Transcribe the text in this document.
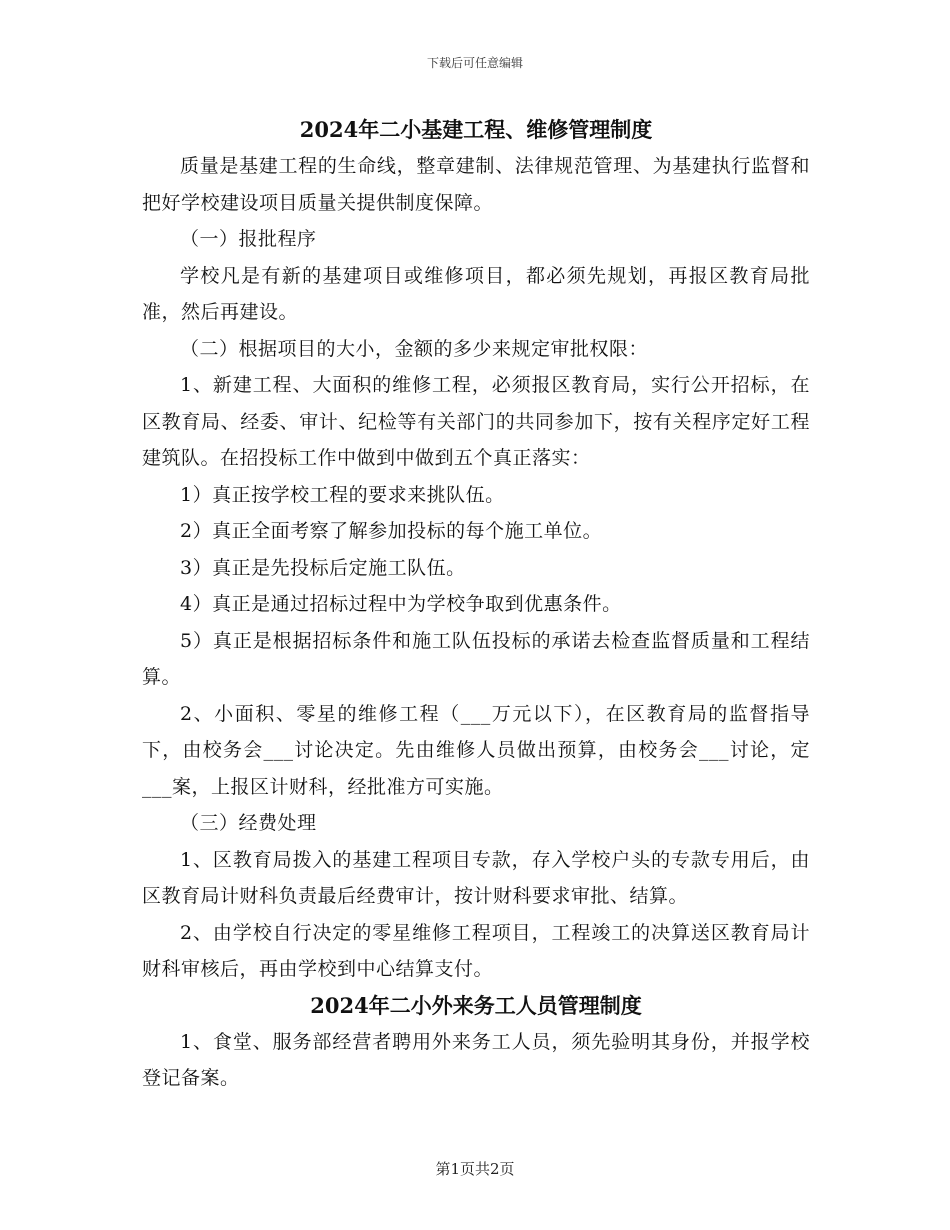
下载后可任意编辑
2024年二小基建工程、维修管理制度

质量是基建工程的生命线，整章建制、法律规范管理、为基建执行监督和把好学校建设项目质量关提供制度保障。

（一）报批程序

学校凡是有新的基建项目或维修项目，都必须先规划，再报区教育局批准，然后再建设。

（二）根据项目的大小，金额的多少来规定审批权限：

1、新建工程、大面积的维修工程，必须报区教育局，实行公开招标，在区教育局、经委、审计、纪检等有关部门的共同参加下，按有关程序定好工程建筑队。在招投标工作中做到中做到五个真正落实：

1）真正按学校工程的要求来挑队伍。

2）真正全面考察了解参加投标的每个施工单位。

3）真正是先投标后定施工队伍。

4）真正是通过招标过程中为学校争取到优惠条件。

5）真正是根据招标条件和施工队伍投标的承诺去检查监督质量和工程结算。

2、小面积、零星的维修工程（___万元以下），在区教育局的监督指导下，由校务会___讨论决定。先由维修人员做出预算，由校务会___讨论，定___案，上报区计财科，经批准方可实施。

（三）经费处理

1、区教育局拨入的基建工程项目专款，存入学校户头的专款专用后，由区教育局计财科负责最后经费审计，按计财科要求审批、结算。

2、由学校自行决定的零星维修工程项目，工程竣工的决算送区教育局计财科审核后，再由学校到中心结算支付。

2024年二小外来务工人员管理制度

1、食堂、服务部经营者聘用外来务工人员，须先验明其身份，并报学校登记备案。

第1页共2页
